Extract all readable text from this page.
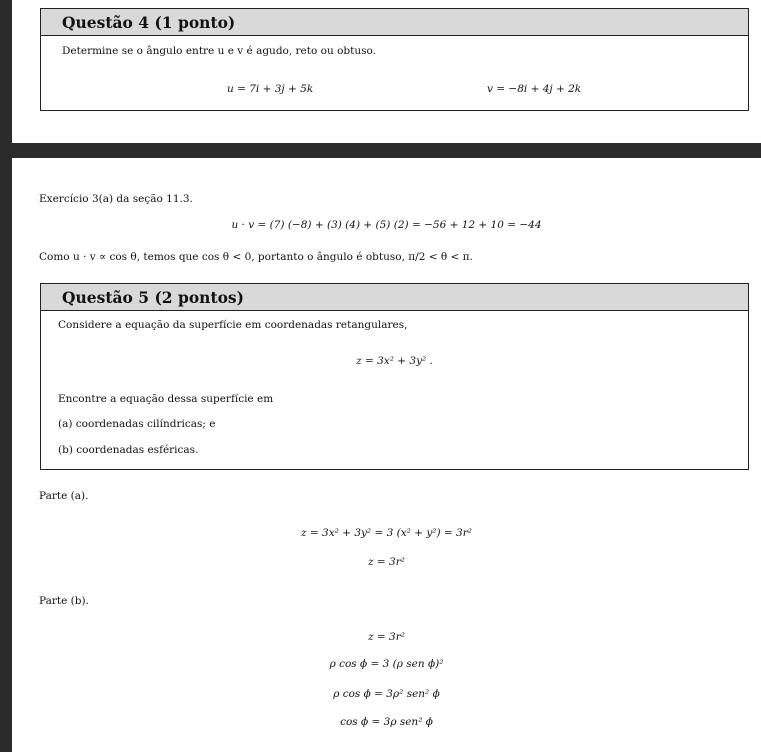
Questão 4 (1 ponto)
Determine se o ângulo entre u e v é agudo, reto ou obtuso.
u = 7i + 3j + 5k	v = −8i + 4j + 2k
Exercício 3(a) da seção 11.3.
u · v = (7) (−8) + (3) (4) + (5) (2) = −56 + 12 + 10 = −44
Como u · v ∝ cos θ, temos que cos θ < 0, portanto o ângulo é obtuso, π/2 < θ < π.
Questão 5 (2 pontos)
Considere a equação da superfície em coordenadas retangulares,
z = 3x² + 3y² .
Encontre a equação dessa superfície em
(a) coordenadas cilíndricas; e
(b) coordenadas esféricas.
Parte (a).
z = 3x² + 3y² = 3 (x² + y²) = 3r²
z = 3r²
Parte (b).
z = 3r²
ρ cos ϕ = 3 (ρ sen ϕ)²
ρ cos ϕ = 3ρ² sen² ϕ
cos ϕ = 3ρ sen² ϕ
